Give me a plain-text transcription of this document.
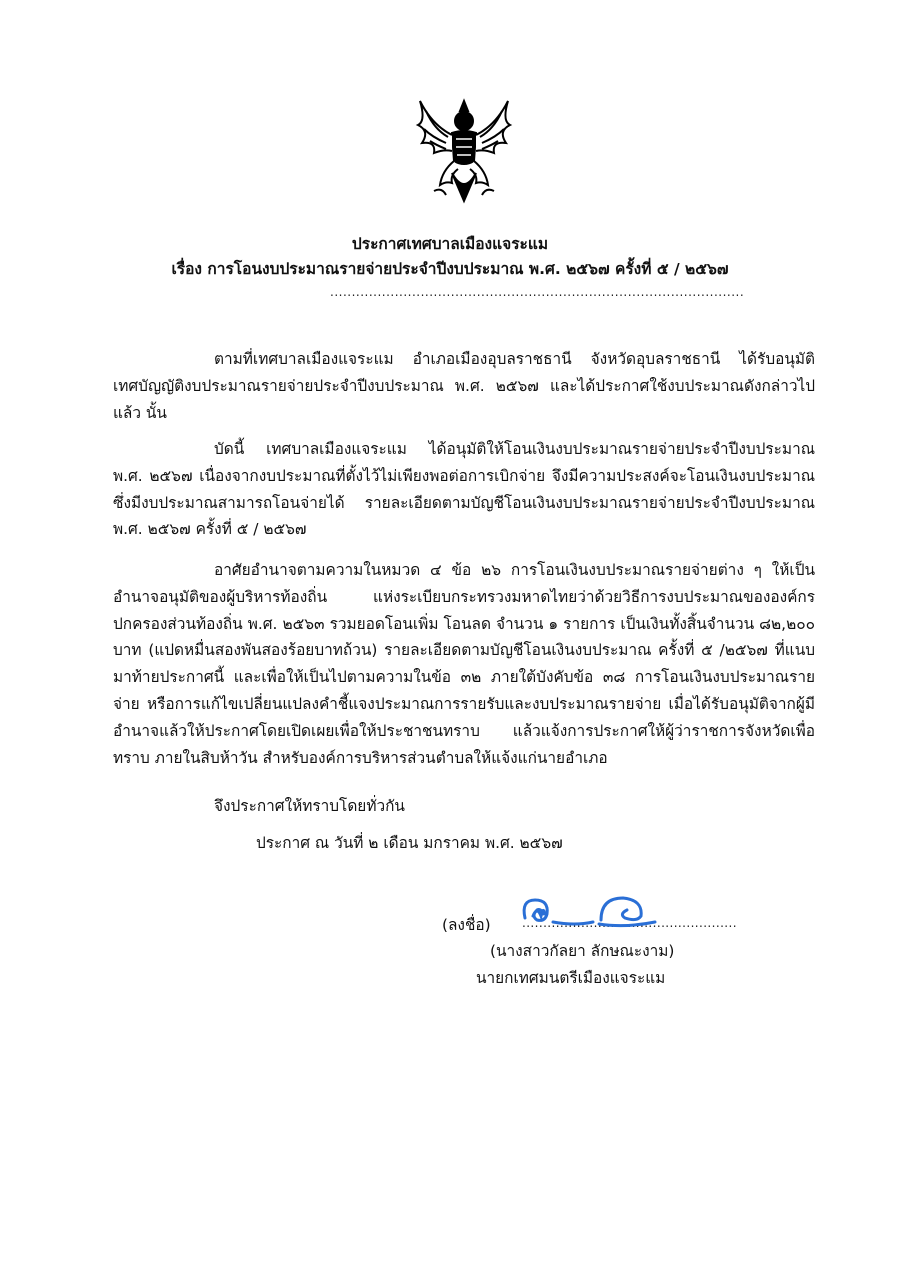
ประกาศเทศบาลเมืองแจระแม
เรื่อง การโอนงบประมาณรายจ่ายประจำปีงบประมาณ พ.ศ. ๒๕๖๗ ครั้งที่ ๕ / ๒๕๖๗
................................................................................................

ตามที่เทศบาลเมืองแจระแม อำเภอเมืองอุบลราชธานี จังหวัดอุบลราชธานี ได้รับอนุมัติเทศบัญญัติงบประมาณรายจ่ายประจำปีงบประมาณ พ.ศ. ๒๕๖๗ และได้ประกาศใช้งบประมาณดังกล่าวไปแล้ว นั้น

บัดนี้ เทศบาลเมืองแจระแม ได้อนุมัติให้โอนเงินงบประมาณรายจ่ายประจำปีงบประมาณ พ.ศ. ๒๕๖๗ เนื่องจากงบประมาณที่ตั้งไว้ไม่เพียงพอต่อการเบิกจ่าย จึงมีความประสงค์จะโอนเงินงบประมาณซึ่งมีงบประมาณสามารถโอนจ่ายได้ รายละเอียดตามบัญชีโอนเงินงบประมาณรายจ่ายประจำปีงบประมาณ พ.ศ. ๒๕๖๗ ครั้งที่ ๕ / ๒๕๖๗

อาศัยอำนาจตามความในหมวด ๔ ข้อ ๒๖ การโอนเงินงบประมาณรายจ่ายต่าง ๆ ให้เป็นอำนาจอนุมัติของผู้บริหารท้องถิ่น แห่งระเบียบกระทรวงมหาดไทยว่าด้วยวิธีการงบประมาณขององค์กรปกครองส่วนท้องถิ่น พ.ศ. ๒๕๖๓ รวมยอดโอนเพิ่ม โอนลด จำนวน ๑ รายการ เป็นเงินทั้งสิ้นจำนวน ๘๒,๒๐๐ บาท (แปดหมื่นสองพันสองร้อยบาทถ้วน) รายละเอียดตามบัญชีโอนเงินงบประมาณ ครั้งที่ ๕ /๒๕๖๗ ที่แนบมาท้ายประกาศนี้ และเพื่อให้เป็นไปตามความในข้อ ๓๒ ภายใต้บังคับข้อ ๓๘ การโอนเงินงบประมาณรายจ่าย หรือการแก้ไขเปลี่ยนแปลงคำชี้แจงประมาณการรายรับและงบประมาณรายจ่าย เมื่อได้รับอนุมัติจากผู้มีอำนาจแล้วให้ประกาศโดยเปิดเผยเพื่อให้ประชาชนทราบ แล้วแจ้งการประกาศให้ผู้ว่าราชการจังหวัดเพื่อทราบ ภายในสิบห้าวัน สำหรับองค์การบริหารส่วนตำบลให้แจ้งแก่นายอำเภอ

จึงประกาศให้ทราบโดยทั่วกัน
ประกาศ ณ วันที่ ๒ เดือน มกราคม พ.ศ. ๒๕๖๗
(ลงชื่อ)	...................................................
(นางสาวกัลยา ลักษณะงาม)
นายกเทศมนตรีเมืองแจระแม
